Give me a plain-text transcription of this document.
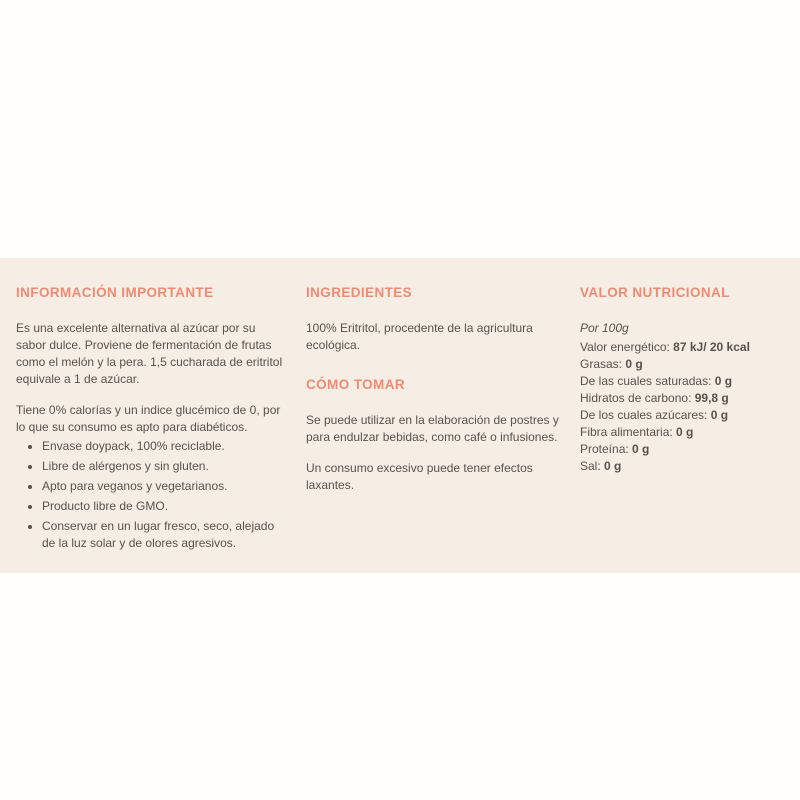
INFORMACIÓN IMPORTANTE

Es una excelente alternativa al azúcar por su sabor dulce. Proviene de fermentación de frutas como el melón y la pera. 1,5 cucharada de eritritol equivale a 1 de azúcar.

Tiene 0% calorías y un indice glucémico de 0, por lo que su consumo es apto para diabéticos.

• Envase doypack, 100% reciclable.
• Libre de alérgenos y sin gluten.
• Apto para veganos y vegetarianos.
• Producto libre de GMO.
• Conservar en un lugar fresco, seco, alejado de la luz solar y de olores agresivos.
INGREDIENTES

100% Eritritol, procedente de la agricultura ecológica.

CÓMO TOMAR

Se puede utilizar en la elaboración de postres y para endulzar bebidas, como café o infusiones.

Un consumo excesivo puede tener efectos laxantes.

VALOR NUTRICIONAL
Por 100g
Valor energético: 87 kJ/ 20 kcal
Grasas: 0 g
De las cuales saturadas: 0 g
Hidratos de carbono: 99,8 g
De los cuales azúcares: 0 g
Fibra alimentaria: 0 g
Proteína: 0 g
Sal: 0 g
